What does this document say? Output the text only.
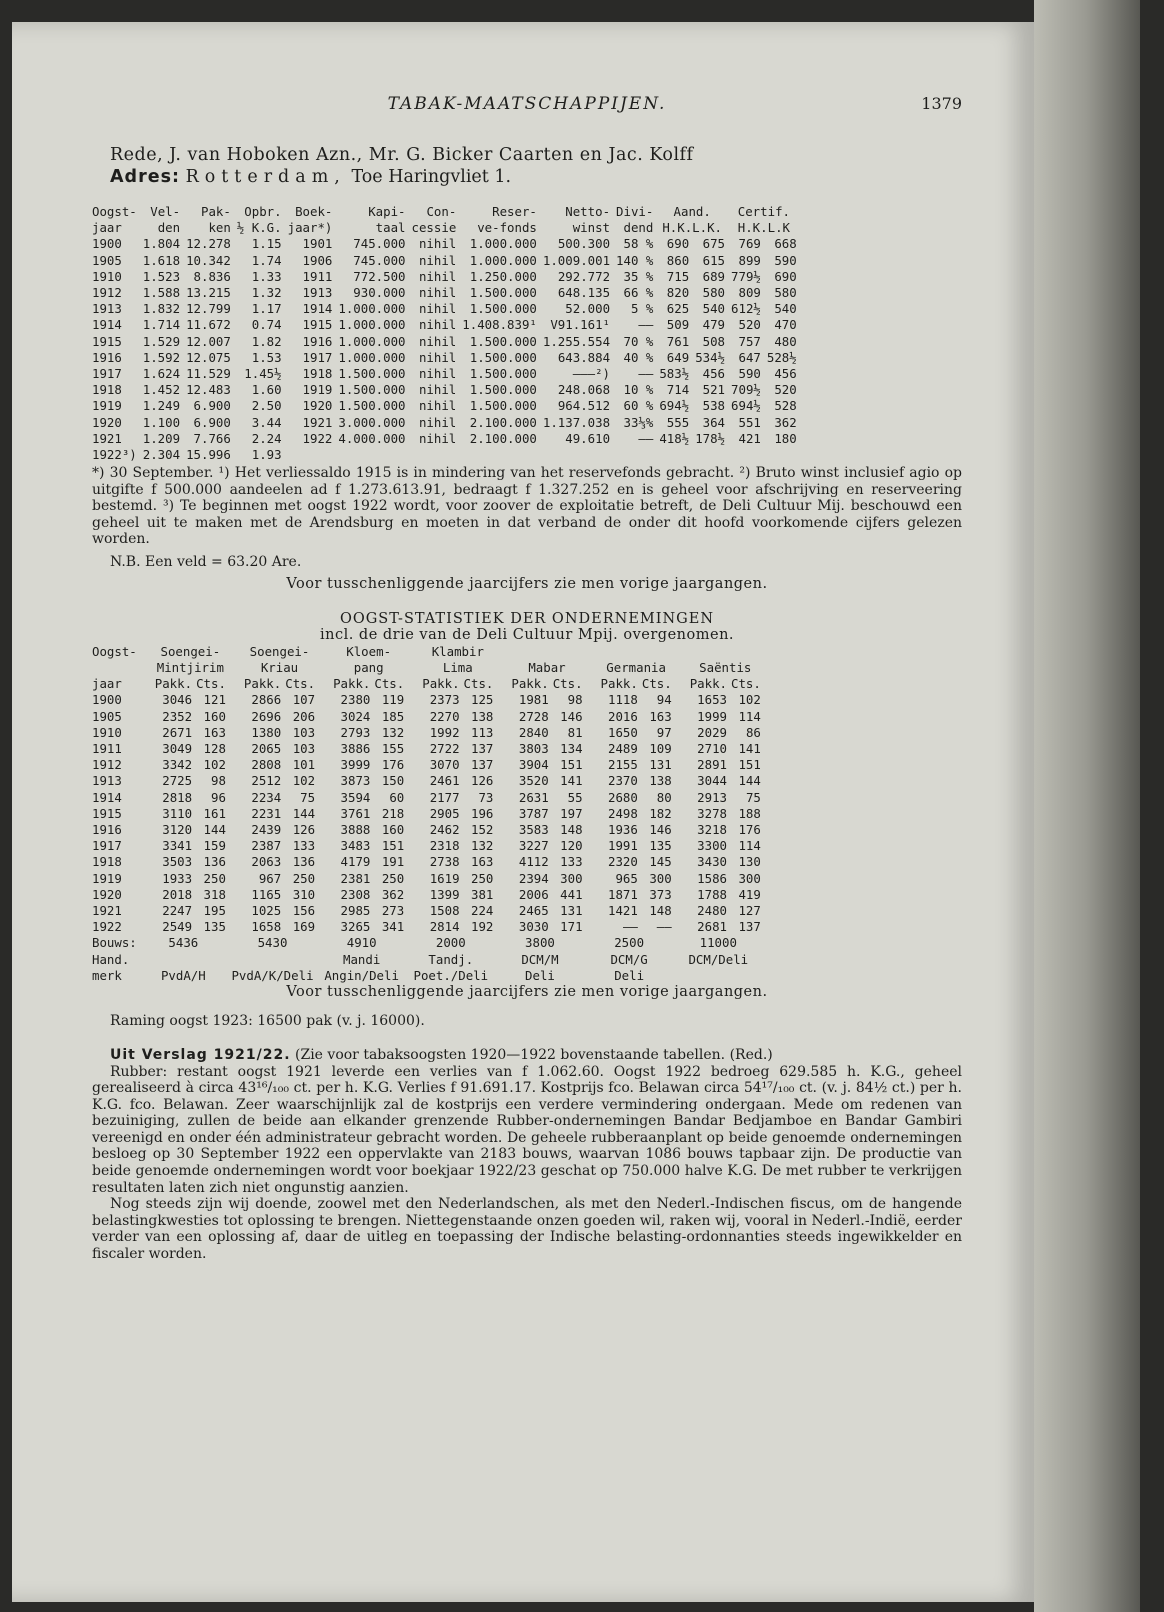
TABAK-MAATSCHAPPIJEN.	1379
Rede, J. van Hoboken Azn., Mr. G. Bicker Caarten en Jac. Kolff
Adres: Rotterdam, Toe Haringvliet 1.
Oogst-	Vel-	Pak-	Opbr.	Boek-	Kapi-	Con-	Reser-	Netto-	Divi-	Aand.		Certif.	
jaar	den	ken	½ K.G.	jaar*)	taal	cessie	ve-fonds	winst	dend	H.K.L.K.		H.K.L.K	
1900	1.804	12.278	1.15	1901	745.000	nihil	1.000.000	500.300	58 %	690	675	769	668
1905	1.618	10.342	1.74	1906	745.000	nihil	1.000.000	1.009.001	140 %	860	615	899	590
1910	1.523	8.836	1.33	1911	772.500	nihil	1.250.000	292.772	35 %	715	689	779½	690
1912	1.588	13.215	1.32	1913	930.000	nihil	1.500.000	648.135	66 %	820	580	809	580
1913	1.832	12.799	1.17	1914	1.000.000	nihil	1.500.000	52.000	5 %	625	540	612½	540
1914	1.714	11.672	0.74	1915	1.000.000	nihil	1.408.839¹	V91.161¹	——	509	479	520	470
1915	1.529	12.007	1.82	1916	1.000.000	nihil	1.500.000	1.255.554	70 %	761	508	757	480
1916	1.592	12.075	1.53	1917	1.000.000	nihil	1.500.000	643.884	40 %	649	534½	647	528½
1917	1.624	11.529	1.45½	1918	1.500.000	nihil	1.500.000	———²)	——	583½	456	590	456
1918	1.452	12.483	1.60	1919	1.500.000	nihil	1.500.000	248.068	10 %	714	521	709½	520
1919	1.249	6.900	2.50	1920	1.500.000	nihil	1.500.000	964.512	60 %	694½	538	694½	528
1920	1.100	6.900	3.44	1921	3.000.000	nihil	2.100.000	1.137.038	33⅓%	555	364	551	362
1921	1.209	7.766	2.24	1922	4.000.000	nihil	2.100.000	49.610	——	418½	178½	421	180
1922³)	2.304	15.996	1.93										
*) 30 September. ¹) Het verliessaldo 1915 is in mindering van het reservefonds gebracht. ²) Bruto winst inclusief agio op uitgifte f 500.000 aandeelen ad f 1.273.613.91, bedraagt f 1.327.252 en is geheel voor afschrijving en reserveering bestemd. ³) Te beginnen met oogst 1922 wordt, voor zoover de exploitatie betreft, de Deli Cultuur Mij. beschouwd een geheel uit te maken met de Arendsburg en moeten in dat verband de onder dit hoofd voorkomende cijfers gelezen worden.
N.B. Een veld = 63.20 Are.
Voor tusschenliggende jaarcijfers zie men vorige jaargangen.
OOGST-STATISTIEK DER ONDERNEMINGEN
incl. de drie van de Deli Cultuur Mpij. overgenomen.
Oogst-	Soengei-		Soengei-		Kloem-		Klambir							
	Mintjirim		Kriau		pang		Lima		Mabar		Germania		Saëntis	
jaar	Pakk.	Cts.	Pakk.	Cts.	Pakk.	Cts.	Pakk.	Cts.	Pakk.	Cts.	Pakk.	Cts.	Pakk.	Cts.
1900	3046	121	2866	107	2380	119	2373	125	1981	98	1118	94	1653	102
1905	2352	160	2696	206	3024	185	2270	138	2728	146	2016	163	1999	114
1910	2671	163	1380	103	2793	132	1992	113	2840	81	1650	97	2029	86
1911	3049	128	2065	103	3886	155	2722	137	3803	134	2489	109	2710	141
1912	3342	102	2808	101	3999	176	3070	137	3904	151	2155	131	2891	151
1913	2725	98	2512	102	3873	150	2461	126	3520	141	2370	138	3044	144
1914	2818	96	2234	75	3594	60	2177	73	2631	55	2680	80	2913	75
1915	3110	161	2231	144	3761	218	2905	196	3787	197	2498	182	3278	188
1916	3120	144	2439	126	3888	160	2462	152	3583	148	1936	146	3218	176
1917	3341	159	2387	133	3483	151	2318	132	3227	120	1991	135	3300	114
1918	3503	136	2063	136	4179	191	2738	163	4112	133	2320	145	3430	130
1919	1933	250	967	250	2381	250	1619	250	2394	300	965	300	1586	300
1920	2018	318	1165	310	2308	362	1399	381	2006	441	1871	373	1788	419
1921	2247	195	1025	156	2985	273	1508	224	2465	131	1421	148	2480	127
1922	2549	135	1658	169	3265	341	2814	192	3030	171	——	——	2681	137
Bouws:	5436		5430		4910		2000		3800		2500		11000	
Hand.					Mandi		Tandj.		DCM/M		DCM/G		DCM/Deli	
merk	PvdA/H		PvdA/K/Deli		Angin/Deli		Poet./Deli		Deli		Deli			
Voor tusschenliggende jaarcijfers zie men vorige jaargangen.
Raming oogst 1923: 16500 pak (v. j. 16000).
Uit Verslag 1921/22. (Zie voor tabaksoogsten 1920—1922 bovenstaande tabellen. (Red.)

Rubber: restant oogst 1921 leverde een verlies van f 1.062.60. Oogst 1922 bedroeg 629.585 h. K.G., geheel gerealiseerd à circa 43¹⁶/₁₀₀ ct. per h. K.G. Verlies f 91.691.17. Kostprijs fco. Belawan circa 54¹⁷/₁₀₀ ct. (v. j. 84½ ct.) per h. K.G. fco. Belawan. Zeer waarschijnlijk zal de kostprijs een verdere vermindering ondergaan. Mede om redenen van bezuiniging, zullen de beide aan elkander grenzende Rubber-ondernemingen Bandar Bedjamboe en Bandar Gambiri vereenigd en onder één administrateur gebracht worden. De geheele rubberaanplant op beide genoemde ondernemingen besloeg op 30 September 1922 een oppervlakte van 2183 bouws, waarvan 1086 bouws tapbaar zijn. De productie van beide genoemde ondernemingen wordt voor boekjaar 1922/23 geschat op 750.000 halve K.G. De met rubber te verkrijgen resultaten laten zich niet ongunstig aanzien.

Nog steeds zijn wij doende, zoowel met den Nederlandschen, als met den Nederl.-Indischen fiscus, om de hangende belastingkwesties tot oplossing te brengen. Niettegenstaande onzen goeden wil, raken wij, vooral in Nederl.-Indië, eerder verder van een oplossing af, daar de uitleg en toepassing der Indische belasting-ordonnanties steeds ingewikkelder en fiscaler worden.
